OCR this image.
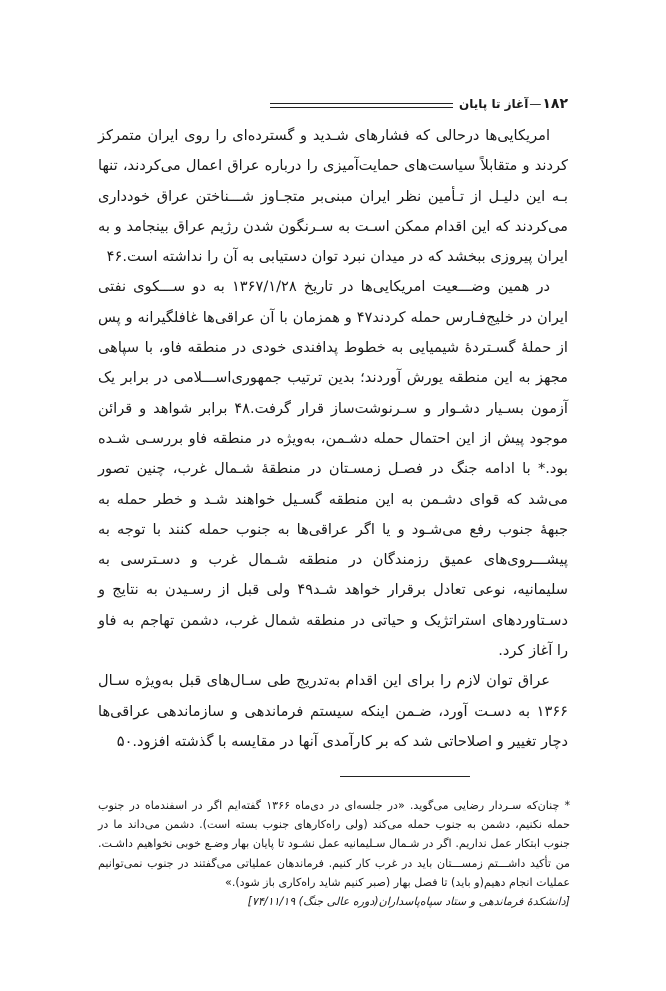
۱۸۲
—
آغاز تا پایان

امریکایی‌ها درحالی که فشارهای شـدید و گسترده‌ای را روی ایران متمرکز کردند و متقابلاً سیاست‌های حمایت‌آمیزی را درباره عراق اعمال می‌کردند، تنها بـه این دلیـل از تـأمین نظر ایران مبنی‌بر متجـاوز شـــناختن عراق خودداری می‌کردند که این اقدام ممکن اسـت به سـرنگون شدن رژیم عراق بینجامد و به ایران پیروزی ببخشد که در میدان نبرد توان دستیابی به آن را نداشته است.۴۶

در همین وضـــعیت امریکایی‌ها در تاریخ ۱۳۶۷/۱/۲۸ به دو ســـکوی نفتی ایران در خلیج‌فـارس حمله کردند۴۷ و همزمان با آن عراقی‌ها غافلگیرانه و پس از حملۀ گسـتردۀ شیمیایی به خطوط پدافندی خودی در منطقه فاو، با سپاهی مجهز به این منطقه یورش آوردند؛ بدین ترتیب جمهوری‌اســـلامی در برابر یک آزمون بسـیار دشـوار و سـرنوشت‌ساز قرار گرفت.۴۸ برابر شواهد و قرائن موجود پیش از این احتمال حمله دشـمن، به‌ویژه در منطقه فاو بررسـی شـده بود.* با ادامه جنگ در فصـل زمسـتان در منطقۀ شـمال غرب، چنین تصور می‌شد که قوای دشـمن به این منطقه گسـیل خواهند شـد و خطر حمله به جبهۀ جنوب رفع می‌شـود و یا اگر عراقی‌ها به جنوب حمله کنند با توجه به پیشـــروی‌های عمیق رزمندگان در منطقه شـمال غرب و دسـترسی به سلیمانیه، نوعی تعادل برقرار خواهد شـد۴۹ ولی قبل از رسـیدن به نتایج و دسـتاوردهای استراتژیک و حیاتی در منطقه شمال غرب، دشمن تهاجم به فاو را آغاز کرد.

عراق توان لازم را برای این اقدام به‌تدریج طی سـال‌های قبل به‌ویژه سـال ۱۳۶۶ به دسـت آورد، ضـمن اینکه سیستم فرماندهی و سازماندهی عراقی‌ها دچار تغییر و اصلاحاتی شد که بر کارآمدی آنها در مقایسه با گذشته افزود.۵۰

* چنان‌که سـردار رضایی می‌گوید. «در جلسه‌ای در دی‌ماه ۱۳۶۶ گفته‌ایم اگر در اسفندماه در جنوب حمله نکنیم، دشمن به جنوب حمله می‌کند (ولی راه‌کارهای جنوب بسته است). دشمن می‌داند ما در جنوب ابتکار عمل نداریم. اگر در شـمال سـلیمانیه عمل نشـود تا پایان بهار وضـع خوبی نخواهیم داشـت. من تأکید داشـــتم زمســـتان باید در غرب کار کنیم. فرماندهان عملیاتی می‌گفتند در جنوب نمی‌توانیم عملیات انجام دهیم(و باید) تا فصل بهار (صبر کنیم شاید راه‌کاری باز شود).»

[دانشکدۀ فرماندهی و ستاد سپاه‌پاسداران(دوره عالی جنگ) ۷۴/۱۱/۱۹]
